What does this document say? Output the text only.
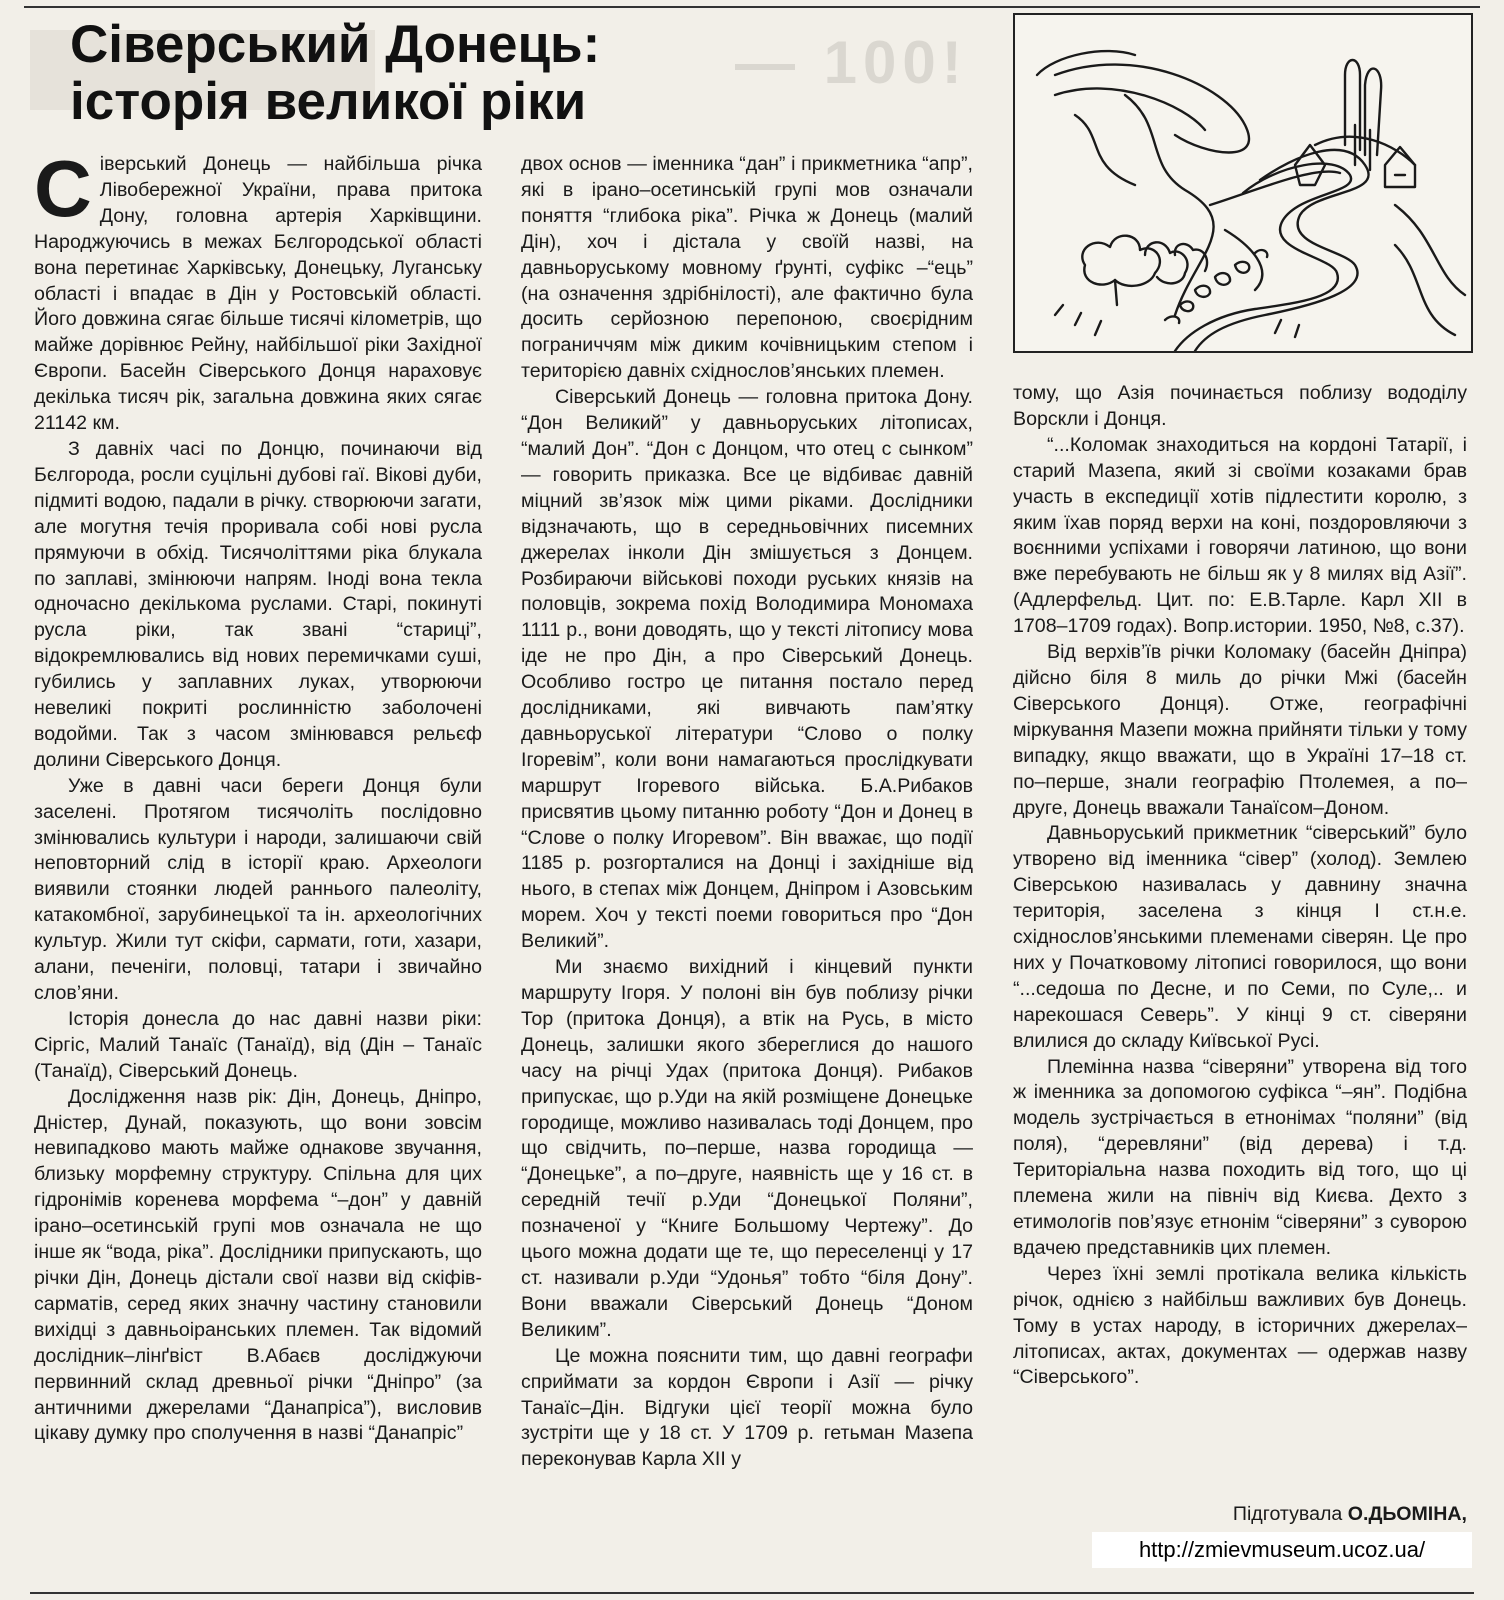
— 100!
Сіверський Донець:
історія великої ріки

Сіверський Донець — найбільша річка Лівобережної України, права притока Дону, головна артерія Харківщини. Народжуючись в межах Бєлгородської області вона перетинає Харківську, Донецьку, Луганську області і впадає в Дін у Ростовській області. Його довжина сягає більше тисячі кілометрів, що майже дорівнює Рейну, найбільшої ріки Західної Європи. Басейн Сіверського Донця нараховує декілька тисяч рік, загальна довжина яких сягає 21142 км.

З давніх часі по Донцю, починаючи від Бєлгорода, росли суцільні дубові гаї. Вікові дуби, підмиті водою, падали в річку. створюючи загати, але могутня течія проривала собі нові русла прямуючи в обхід. Тисячоліттями ріка блукала по заплаві, змінюючи напрям. Іноді вона текла одночасно декількома руслами. Старі, покинуті русла ріки, так звані “стариці”, відокремлювались від нових перемичками суші, губились у заплавних луках, утворюючи невеликі покриті рослинністю заболочені водойми. Так з часом змінювався рельєф долини Сіверського Донця.

Уже в давні часи береги Донця були заселені. Протягом тисячоліть послідовно змінювались культури і народи, залишаючи свій неповторний слід в історії краю. Археологи виявили стоянки людей раннього палеоліту, катакомбної, зарубинецької та ін. археологічних культур. Жили тут скіфи, сармати, готи, хазари, алани, печеніги, половці, татари і звичайно слов’яни.

Історія донесла до нас давні назви ріки: Сіргіс, Малий Танаїс (Танаїд), від (Дін – Танаїс (Танаїд), Сіверський Донець.

Дослідження назв рік: Дін, Донець, Дніпро, Дністер, Дунай, показують, що вони зовсім невипадково мають майже однакове звучання, близьку морфемну структуру. Спільна для цих гідронімів коренева морфема “–дон” у давній ірано–осетинській групі мов означала не що інше як “вода, ріка”. Дослідники припускають, що річки Дін, Донець дістали свої назви від скіфів-сарматів, серед яких значну частину становили вихідці з давньоіранських племен. Так відомий дослідник–лінґвіст В.Абаєв досліджуючи первинний склад древньої річки “Дніпро” (за античними джерелами “Данапріса”), висловив цікаву думку про сполучення в назві “Данапріс”

двох основ — іменника “дан” і прикметника “апр”, які в ірано–осетинській групі мов означали поняття “глибока ріка”. Річка ж Донець (малий Дін), хоч і дістала у своїй назві, на давньоруському мовному ґрунті, суфікс –“ець” (на означення здрібнілості), але фактично була досить серйозною перепоною, своєрідним пограниччям між диким кочівницьким степом і територією давніх східнослов’янських племен.

Сіверський Донець — головна притока Дону. “Дон Великий” у давньоруських літописах, “малий Дон”. “Дон с Донцом, что отец с сынком” — говорить приказка. Все це відбиває давній міцний зв’язок між цими ріками. Дослідники відзначають, що в середньовічних писемних джерелах інколи Дін змішується з Донцем. Розбираючи військові походи руських князів на половців, зокрема похід Володимира Мономаха 1111 р., вони доводять, що у тексті літопису мова іде не про Дін, а про Сіверський Донець. Особливо гостро це питання постало перед дослідниками, які вивчають пам’ятку давньоруської літератури “Слово о полку Ігоревім”, коли вони намагаються прослідкувати маршрут Ігоревого війська. Б.А.Рибаков присвятив цьому питанню роботу “Дон и Донец в “Слове о полку Игоревом”. Він вважає, що події 1185 р. розгорталися на Донці і західніше від нього, в степах між Донцем, Дніпром і Азовським морем. Хоч у тексті поеми говориться про “Дон Великий”.

Ми знаємо вихідний і кінцевий пункти маршруту Ігоря. У полоні він був поблизу річки Тор (притока Донця), а втік на Русь, в місто Донець, залишки якого збереглися до нашого часу на річці Удах (притока Донця). Рибаков припускає, що р.Уди на якій розміщене Донецьке городище, можливо називалась тоді Донцем, про що свідчить, по–перше, назва городища — “Донецьке”, а по–друге, наявність ще у 16 ст. в середній течії р.Уди “Донецької Поляни”, позначеної у “Книге Большому Чертежу”. До цього можна додати ще те, що переселенці у 17 ст. називали р.Уди “Удонья” тобто “біля Дону”. Вони вважали Сіверський Донець “Доном Великим”.

Це можна пояснити тим, що давні географи сприймати за кордон Європи і Азії — річку Танаїс–Дін. Відгуки цієї теорії можна було зустріти ще у 18 ст. У 1709 р. гетьман Мазепа переконував Карла XII у

тому, що Азія починається поблизу вододілу Ворскли і Донця.

“...Коломак знаходиться на кордоні Татарії, і старий Мазепа, який зі своїми козаками брав участь в експедиції хотів підлестити королю, з яким їхав поряд верхи на коні, поздоровляючи з воєнними успіхами і говорячи латиною, що вони вже перебувають не більш як у 8 милях від Азії”. (Адлерфельд. Цит. по: Е.В.Тарле. Карл XII в 1708–1709 годах). Вопр.истории. 1950, №8, с.37).

Від верхів’їв річки Коломаку (басейн Дніпра) дійсно біля 8 миль до річки Мжі (басейн Сіверського Донця). Отже, географічні міркування Мазепи можна прийняти тільки у тому випадку, якщо вважати, що в Україні 17–18 ст. по–перше, знали географію Птолемея, а по–друге, Донець вважали Танаїсом–Доном.

Давньоруський прикметник “сіверський” було утворено від іменника “сівер” (холод). Землею Сіверською називалась у давнину значна територія, заселена з кінця I ст.н.е. східнослов’янськими племенами сіверян. Це про них у Початковому літописі говорилося, що вони “...седоша по Десне, и по Семи, по Суле,.. и нарекошася Северь”. У кінці 9 ст. сіверяни влилися до складу Київської Русі.

Племінна назва “сіверяни” утворена від того ж іменника за допомогою суфікса “–ян”. Подібна модель зустрічається в етнонімах “поляни” (від поля), “деревляни” (від дерева) і т.д. Територіальна назва походить від того, що ці племена жили на північ від Києва. Дехто з етимологів пов’язує етнонім “сіверяни” з суворою вдачею представників цих племен.

Через їхні землі протікала велика кількість річок, однією з найбільш важливих був Донець. Тому в устах народу, в історичних джерелах–літописах, актах, документах — одержав назву “Сіверського”.

Підготувала О.ДЬОМІНА,
http://zmievmuseum.ucoz.ua/
